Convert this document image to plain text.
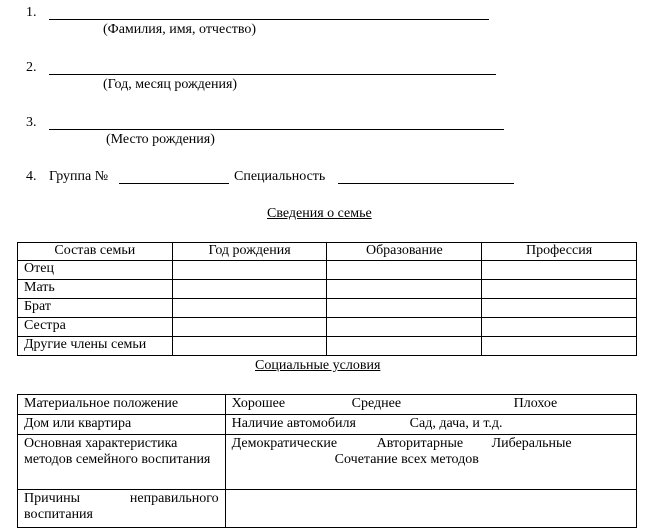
1.
(Фамилия, имя, отчество)
2.
(Год, месяц рождения)
3.
(Место рождения)
4. Группа №	Специальность
Сведения о семье
Состав семьи	Год рождения	Образование	Профессия
Отец			
Мать			
Брат			
Сестра			
Другие члены семьи			
Социальные условия
Материальное положение	Хорошее Среднее Плохое
Дом или квартира	Наличие автомобиля Сад, дача, и т.д.
Основная характеристика методов семейного воспитания	Демократические Авторитарные Либеральные
Сочетание всех методов

Причины неправильного воспитания	
